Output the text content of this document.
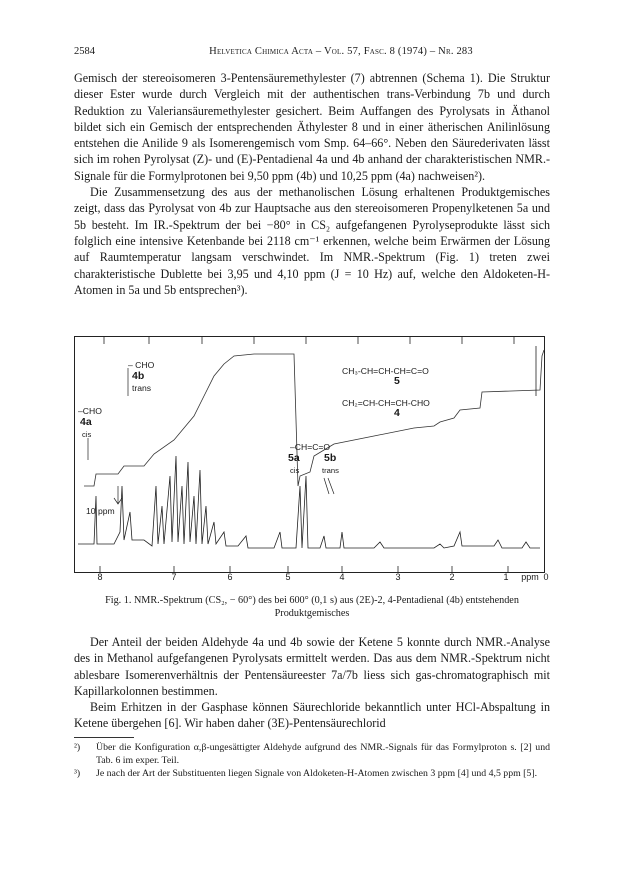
2584	Helvetica Chimica Acta – Vol. 57, Fasc. 8 (1974) – Nr. 283

Gemisch der stereoisomeren 3-Pentensäuremethylester (7) abtrennen (Schema 1). Die Struktur dieser Ester wurde durch Vergleich mit der authentischen trans-Verbindung 7b und durch Reduktion zu Valeriansäuremethylester gesichert. Beim Auffangen des Pyrolysats in Äthanol bildet sich ein Gemisch der entsprechenden Äthylester 8 und in einer ätherischen Anilinlösung entstehen die Anilide 9 als Isomerengemisch vom Smp. 64–66°. Neben den Säurederivaten lässt sich im rohen Pyrolysat (Z)- und (E)-Pentadienal 4a und 4b anhand der charakteristischen NMR.-Signale für die Formylprotonen bei 9,50 ppm (4b) und 10,25 ppm (4a) nachweisen²).

Die Zusammensetzung des aus der methanolischen Lösung erhaltenen Produktgemisches zeigt, dass das Pyrolysat von 4b zur Hauptsache aus den stereoisomeren Propenylketenen 5a und 5b besteht. Im IR.-Spektrum der bei −80° in CS₂ aufgefangenen Pyrolyseprodukte lässt sich folglich eine intensive Ketenbande bei 2118 cm⁻¹ erkennen, welche beim Erwärmen der Lösung auf Raumtemperatur langsam verschwindet. Im NMR.-Spektrum (Fig. 1) treten zwei charakteristische Dublette bei 3,95 und 4,10 ppm (J = 10 Hz) auf, welche den Aldoketen-H-Atomen in 5a und 5b entsprechen³).

– CHO
4b
trans
–CHO
4a
cis
10 ppm
CH₃-CH=CH-CH=C=O
5
CH₂=CH-CH=CH-CHO
4
–CH=C=O
5a 5b
cis	trans
8	7	6	5	4	3	2	1 ppm 0
Fig. 1. NMR.-Spektrum (CS₂, − 60°) des bei 600° (0,1 s) aus (2E)-2, 4-Pentadienal (4b) entstehenden Produktgemisches

Der Anteil der beiden Aldehyde 4a und 4b sowie der Ketene 5 konnte durch NMR.-Analyse des in Methanol aufgefangenen Pyrolysats ermittelt werden. Das aus dem NMR.-Spektrum nicht ablesbare Isomerenverhältnis der Pentensäureester 7a/7b liess sich gas-chromatographisch mit Kapillarkolonnen bestimmen.

Beim Erhitzen in der Gasphase können Säurechloride bekanntlich unter HCl-Abspaltung in Ketene übergehen [6]. Wir haben daher (3E)-Pentensäurechlorid

²) Über die Konfiguration α,β-ungesättigter Aldehyde aufgrund des NMR.-Signals für das Formylproton s. [2] und Tab. 6 im exper. Teil.
³) Je nach der Art der Substituenten liegen Signale von Aldoketen-H-Atomen zwischen 3 ppm [4] und 4,5 ppm [5].
